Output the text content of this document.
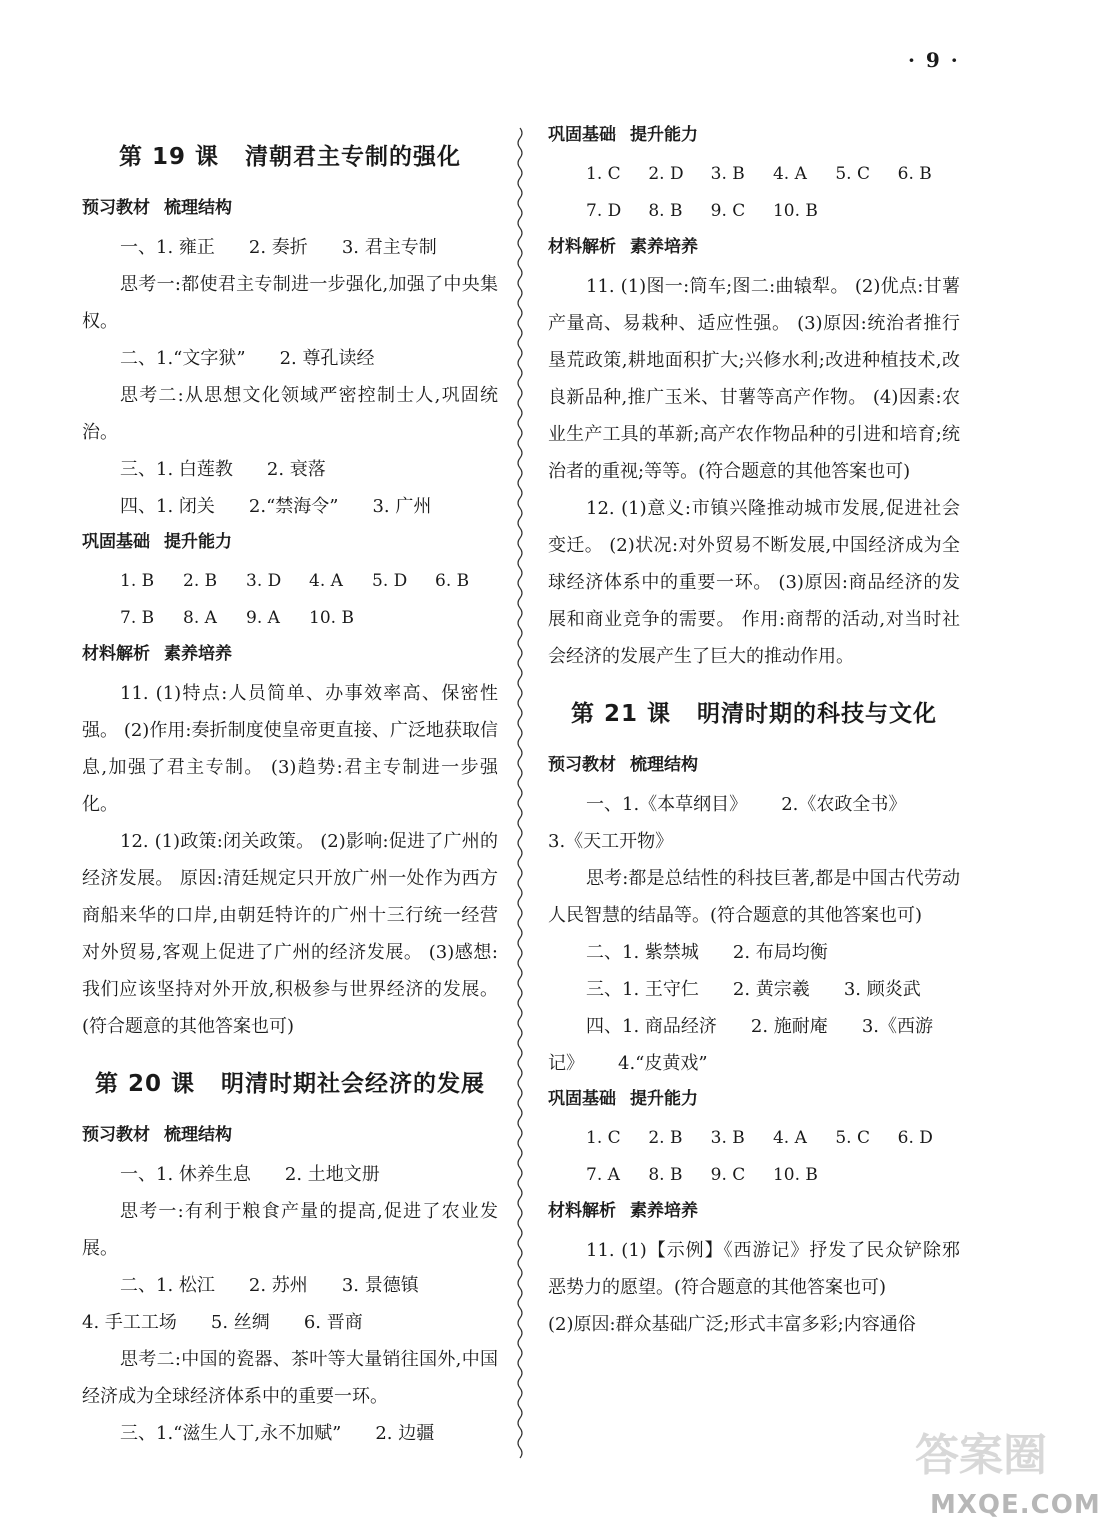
· 9 ·
第 19 课 清朝君主专制的强化
预习教材 梳理结构
一、1. 雍正 2. 奏折 3. 君主专制
思考一:都使君主专制进一步强化,加强了中央集权。
二、1.“文字狱” 2. 尊孔读经
思考二:从思想文化领域严密控制士人,巩固统治。
三、1. 白莲教 2. 衰落
四、1. 闭关 2.“禁海令” 3. 广州
巩固基础 提升能力
1. B	2. B	3. D	4. A	5. D	6. B
7. B	8. A	9. A	10. B
材料解析 素养培养
11. (1)特点:人员简单、办事效率高、保密性强。 (2)作用:奏折制度使皇帝更直接、广泛地获取信息,加强了君主专制。 (3)趋势:君主专制进一步强化。
12. (1)政策:闭关政策。 (2)影响:促进了广州的经济发展。 原因:清廷规定只开放广州一处作为西方商船来华的口岸,由朝廷特许的广州十三行统一经营对外贸易,客观上促进了广州的经济发展。 (3)感想:我们应该坚持对外开放,积极参与世界经济的发展。(符合题意的其他答案也可)
第 20 课 明清时期社会经济的发展
预习教材 梳理结构
一、1. 休养生息 2. 土地文册
思考一:有利于粮食产量的提高,促进了农业发展。
二、1. 松江 2. 苏州 3. 景德镇
4. 手工工场 5. 丝绸 6. 晋商
思考二:中国的瓷器、茶叶等大量销往国外,中国经济成为全球经济体系中的重要一环。
三、1.“滋生人丁,永不加赋” 2. 边疆
巩固基础 提升能力
1. C	2. D	3. B	4. A	5. C	6. B
7. D	8. B	9. C	10. B
材料解析 素养培养
11. (1)图一:筒车;图二:曲辕犁。 (2)优点:甘薯产量高、易栽种、适应性强。 (3)原因:统治者推行垦荒政策,耕地面积扩大;兴修水利;改进种植技术,改良新品种,推广玉米、甘薯等高产作物。 (4)因素:农业生产工具的革新;高产农作物品种的引进和培育;统治者的重视;等等。(符合题意的其他答案也可)
12. (1)意义:市镇兴隆推动城市发展,促进社会变迁。 (2)状况:对外贸易不断发展,中国经济成为全球经济体系中的重要一环。 (3)原因:商品经济的发展和商业竞争的需要。 作用:商帮的活动,对当时社会经济的发展产生了巨大的推动作用。
第 21 课 明清时期的科技与文化
预习教材 梳理结构
一、1.《本草纲目》 2.《农政全书》
3.《天工开物》
思考:都是总结性的科技巨著,都是中国古代劳动人民智慧的结晶等。(符合题意的其他答案也可)
二、1. 紫禁城 2. 布局均衡
三、1. 王守仁 2. 黄宗羲 3. 顾炎武
四、1. 商品经济 2. 施耐庵 3.《西游
记》 4.“皮黄戏”
巩固基础 提升能力
1. C	2. B	3. B	4. A	5. C	6. D
7. A	8. B	9. C	10. B
材料解析 素养培养
11. (1)【示例】《西游记》抒发了民众铲除邪恶势力的愿望。(符合题意的其他答案也可)
(2)原因:群众基础广泛;形式丰富多彩;内容通俗
答案圈
MXQE.COM
